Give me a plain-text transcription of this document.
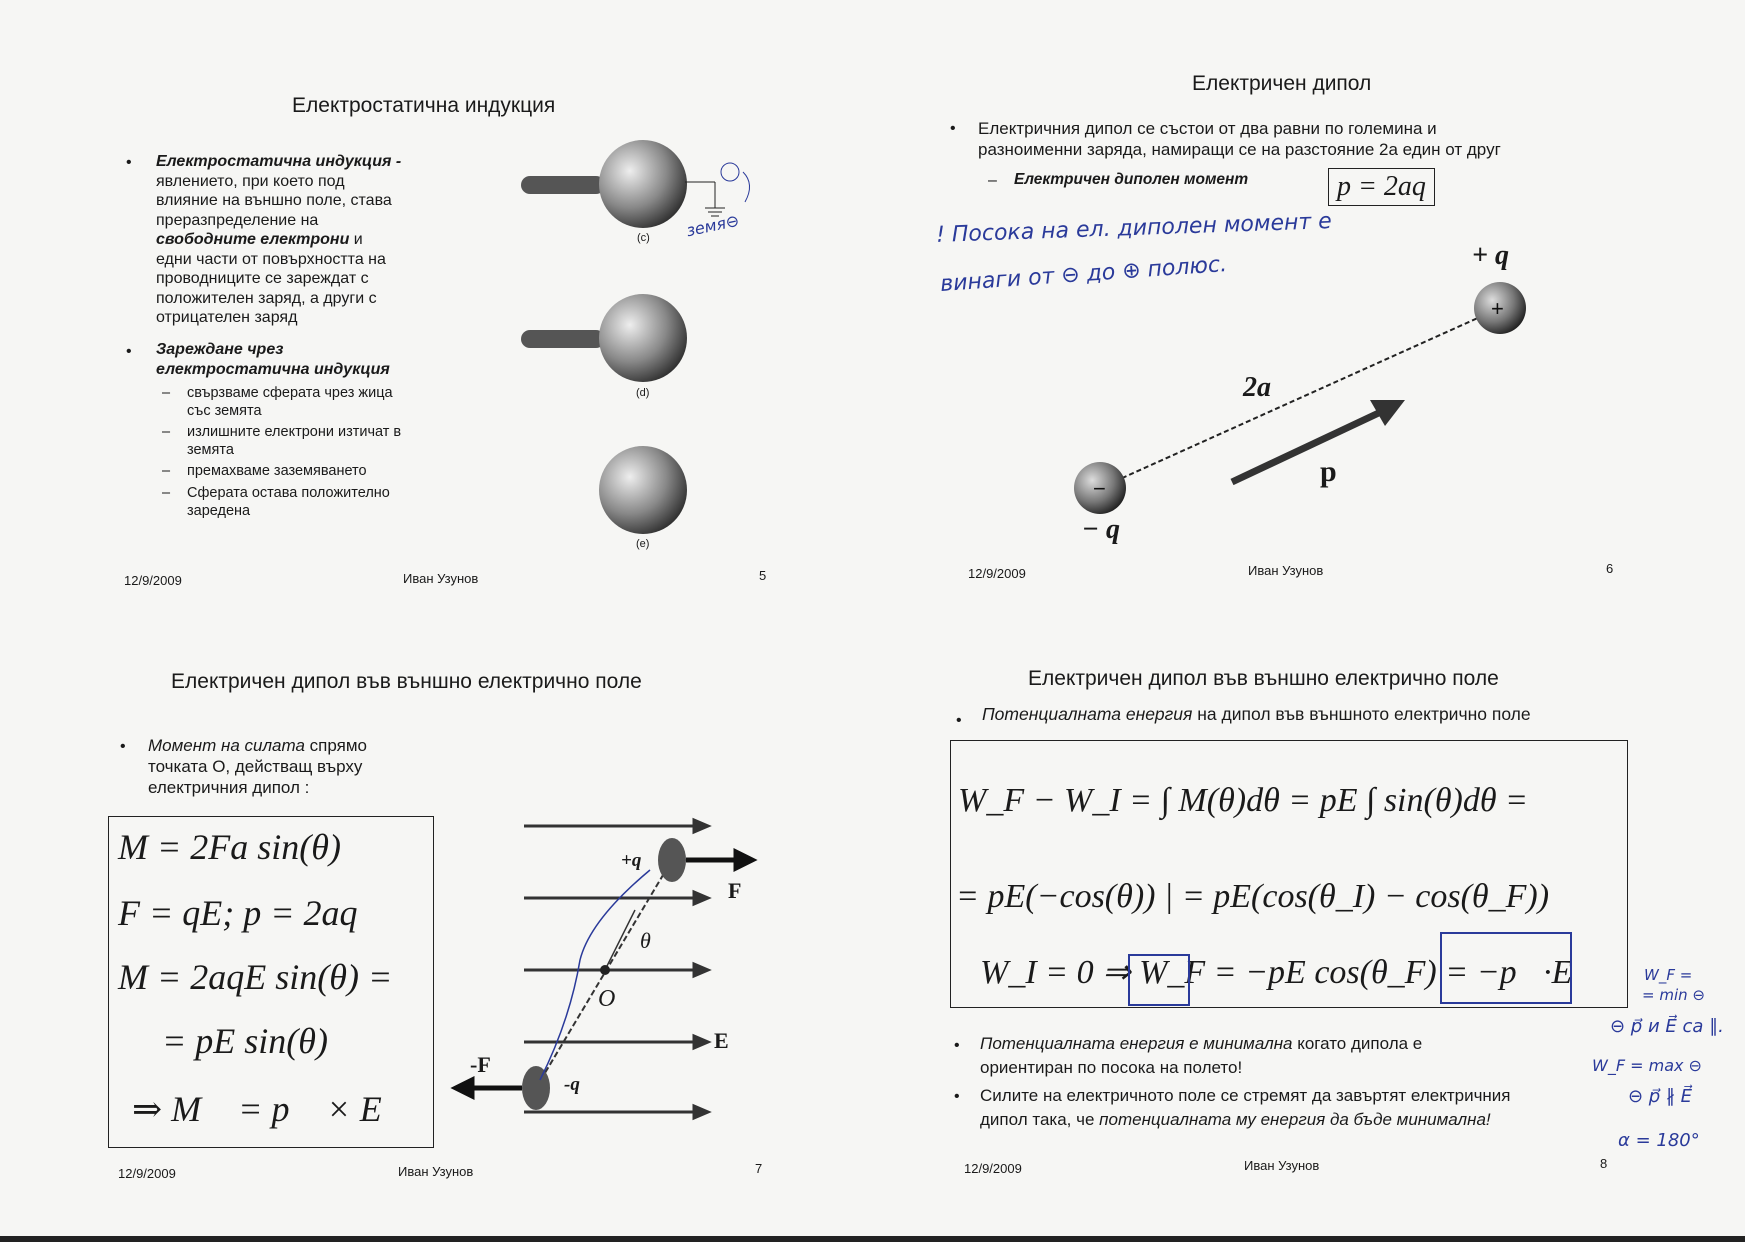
Електростатична индукция
• Електростатична индукция -
явлението, при което под
влияние на външно поле, става
преразпределение на
свободните електрони и
едни части от повърхността на
проводниците се зареждат с
положителен заряд, а други с
отрицателен заряд
• Зареждане чрез
електростатична индукция
– свързваме сферата чрез жица
със земята
– излишните електрони изтичат в
земята
– премахваме заземяването
– Сферата остава положително
заредена
(c) земя⊖
(d)
(e)
12/9/2009	Иван Узунов	5
Електричен дипол
• Електричния дипол се състои от два равни по големина и
разноименни заряда, намиращи се на разстояние 2а един от друг
– Електричен диполен момент	p = 2aq
! Посока на ел. диполен момент е
винаги от ⊖ до ⊕ полюс.
−
+
+ q
− q
2a
p
12/9/2009	Иван Узунов	6
Електричен дипол във външно електрично поле
• Момент на силата спрямо
точката О, действащ върху
електричния дипол :
M = 2Fa sin(θ)
F = qE; p = 2aq
M = 2aqE sin(θ) =
= pE sin(θ)
⇒ M⃗ = p⃗ × E⃗
+q
F
θ
O
E
-F
-q
12/9/2009	Иван Узунов	7
Електричен дипол във външно електрично поле
• Потенциалната енергия на дипол във външното електрично поле
W_F − W_I = ∫ M(θ)dθ = pE ∫ sin(θ)dθ =
= pE(−cos(θ)) | = pE(cos(θ_I) − cos(θ_F))
W_I = 0 ⇒ W_F = −pE cos(θ_F) = −p⃗·E⃗
• Потенциалната енергия е минимална когато дипола е
ориентиран по посока на полето!
• Силите на електричното поле се стремят да завъртят електричния
дипол така, че потенциалната му енергия да бъде минимална!
W_F =
= min ⊖
⊖ p⃗ и E⃗ са ∥.
W_F = max ⊖
⊖ p⃗ ∦ E⃗
α = 180°
12/9/2009	Иван Узунов	8
